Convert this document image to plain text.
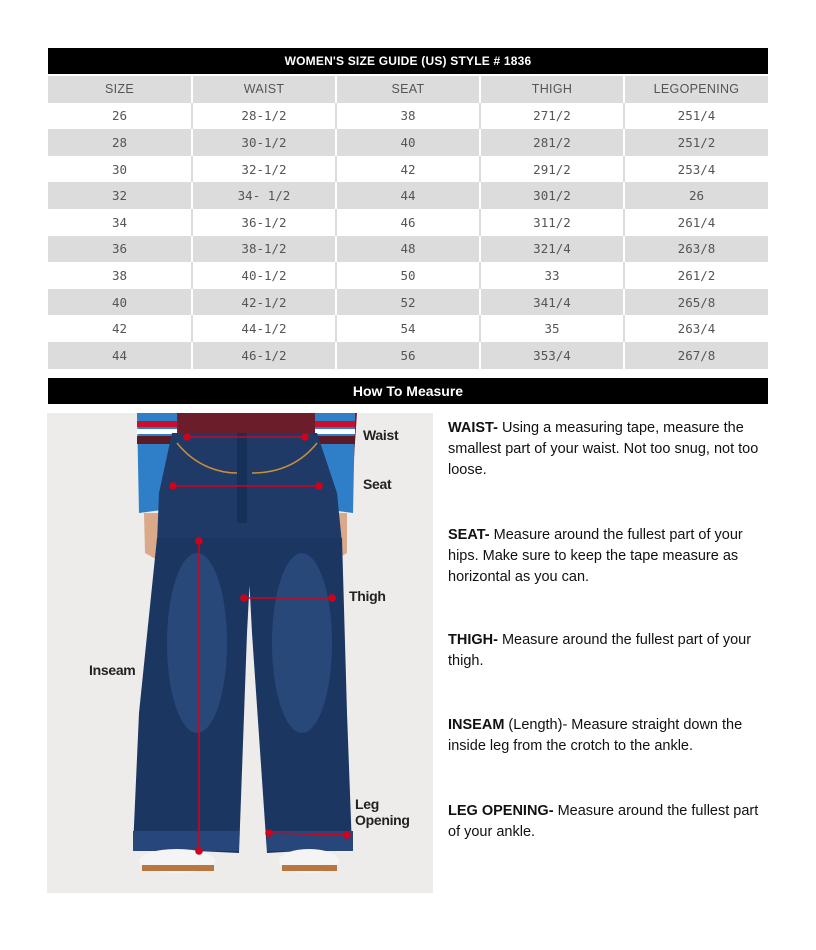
WOMEN'S SIZE GUIDE (US) STYLE # 1836
SIZE	WAIST	SEAT	THIGH	LEGOPENING
26	28-1/2	38	271/2	251/4
28	30-1/2	40	281/2	251/2
30	32-1/2	42	291/2	253/4
32	34- 1/2	44	301/2	26
34	36-1/2	46	311/2	261/4
36	38-1/2	48	321/4	263/8
38	40-1/2	50	33	261/2
40	42-1/2	52	341/4	265/8
42	44-1/2	54	35	263/4
44	46-1/2	56	353/4	267/8
How To Measure
Waist
Seat
Thigh
Inseam
Leg
Opening

WAIST- Using a measuring tape, measure the smallest part of your waist. Not too snug, not too loose.

SEAT- Measure around the fullest part of your hips. Make sure to keep the tape measure as horizontal as you can.

THIGH- Measure around the fullest part of your thigh.

INSEAM (Length)- Measure straight down the inside leg from the crotch to the ankle.

LEG OPENING- Measure around the fullest part of your ankle.
